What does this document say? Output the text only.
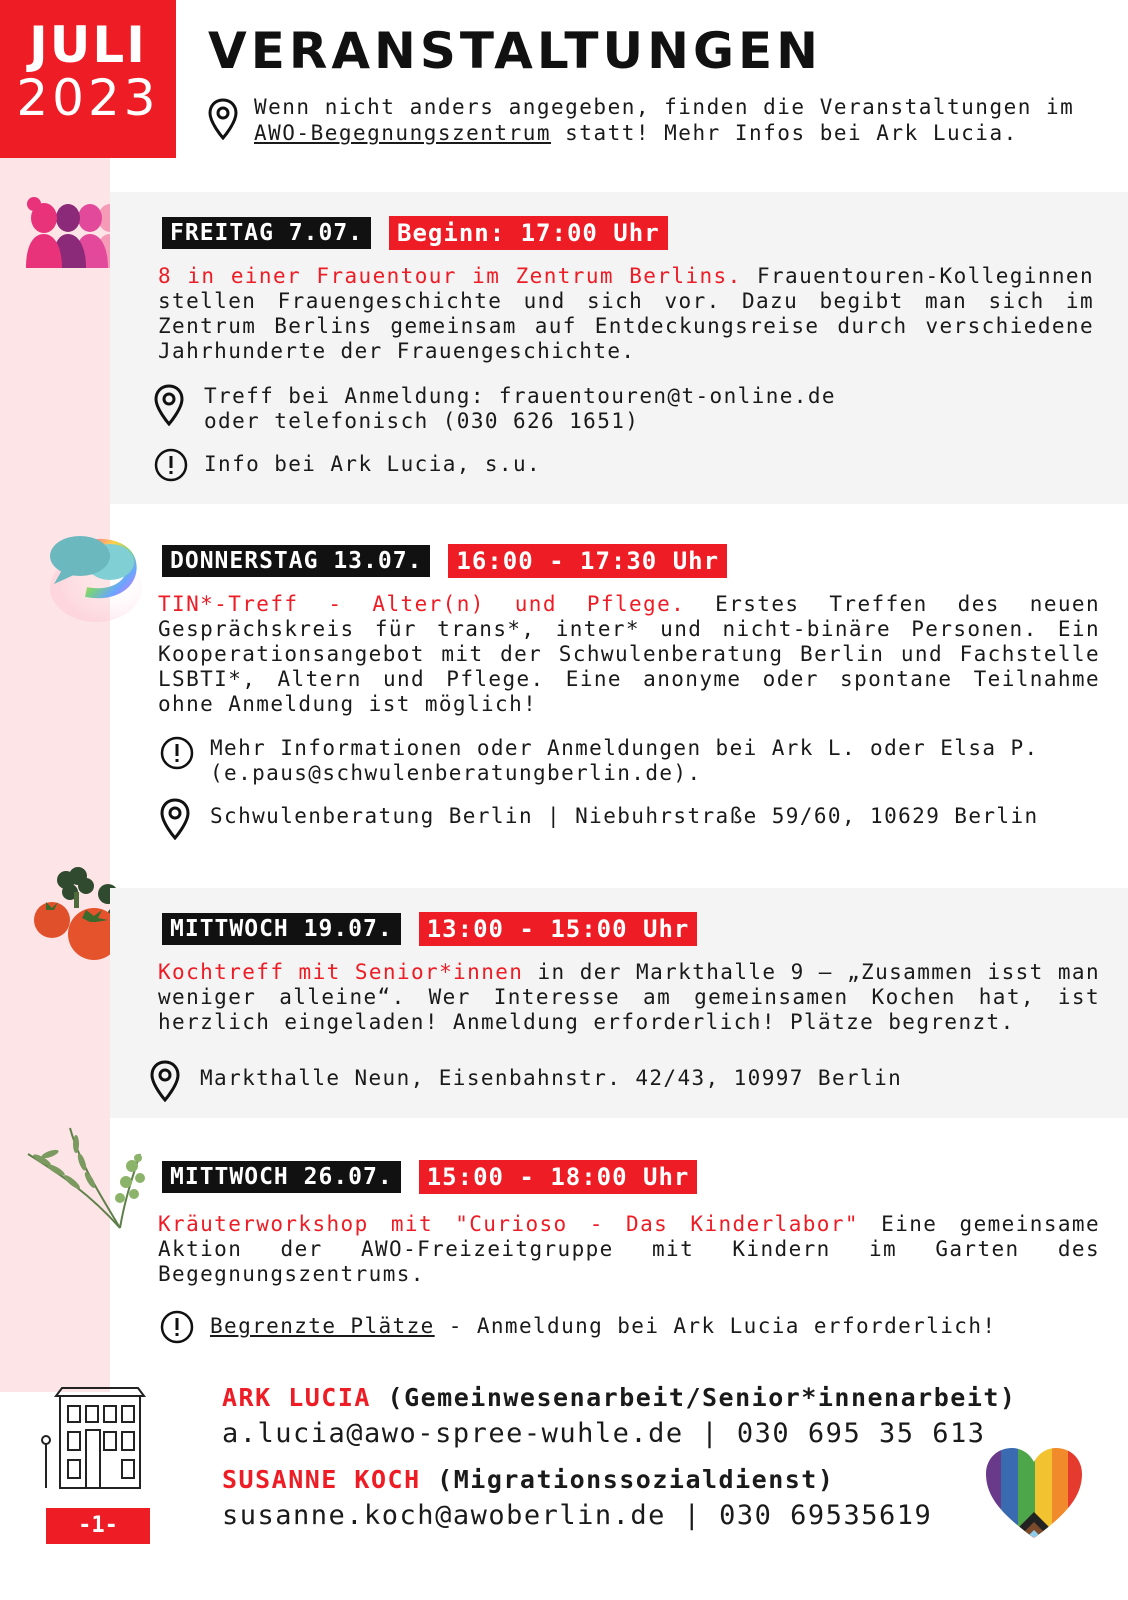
JULI
2023
VERANSTALTUNGEN
Wenn nicht anders angegeben, finden die Veranstaltungen im AWO-Begegnungszentrum statt! Mehr Infos bei Ark Lucia.
FREITAG 7.07.	Beginn: 17:00 Uhr
8 in einer Frauentour im Zentrum Berlins. Frauentouren-Kolleginnen stellen Frauengeschichte und sich vor. Dazu begibt man sich im Zentrum Berlins gemeinsam auf Entdeckungsreise durch verschiedene Jahrhunderte der Frauengeschichte.
Treff bei Anmeldung: frauentouren@t-online.de
oder telefonisch (030 626 1651)
Info bei Ark Lucia, s.u.
DONNERSTAG 13.07.	16:00 - 17:30 Uhr
TIN*-Treff - Alter(n) und Pflege. Erstes Treffen des neuen Gesprächskreis für trans*, inter* und nicht-binäre Personen. Ein Kooperationsangebot mit der Schwulenberatung Berlin und Fachstelle LSBTI*, Altern und Pflege. Eine anonyme oder spontane Teilnahme ohne Anmeldung ist möglich!
Mehr Informationen oder Anmeldungen bei Ark L. oder Elsa P.
(e.paus@schwulenberatungberlin.de).
Schwulenberatung Berlin | Niebuhrstraße 59/60, 10629 Berlin
MITTWOCH 19.07.	13:00 - 15:00 Uhr
Kochtreff mit Senior*innen in der Markthalle 9 – „Zusammen isst man weniger alleine“. Wer Interesse am gemeinsamen Kochen hat, ist herzlich eingeladen! Anmeldung erforderlich! Plätze begrenzt.
Markthalle Neun, Eisenbahnstr. 42/43, 10997 Berlin
MITTWOCH 26.07.	15:00 - 18:00 Uhr
Kräuterworkshop mit "Curioso - Das Kinderlabor" Eine gemeinsame Aktion der AWO-Freizeitgruppe mit Kindern im Garten des Begegnungszentrums.
Begrenzte Plätze - Anmeldung bei Ark Lucia erforderlich!
-1-
ARK LUCIA (Gemeinwesenarbeit/Senior*innenarbeit)
a.lucia@awo-spree-wuhle.de | 030 695 35 613
SUSANNE KOCH (Migrationssozialdienst)
susanne.koch@awoberlin.de | 030 69535619
